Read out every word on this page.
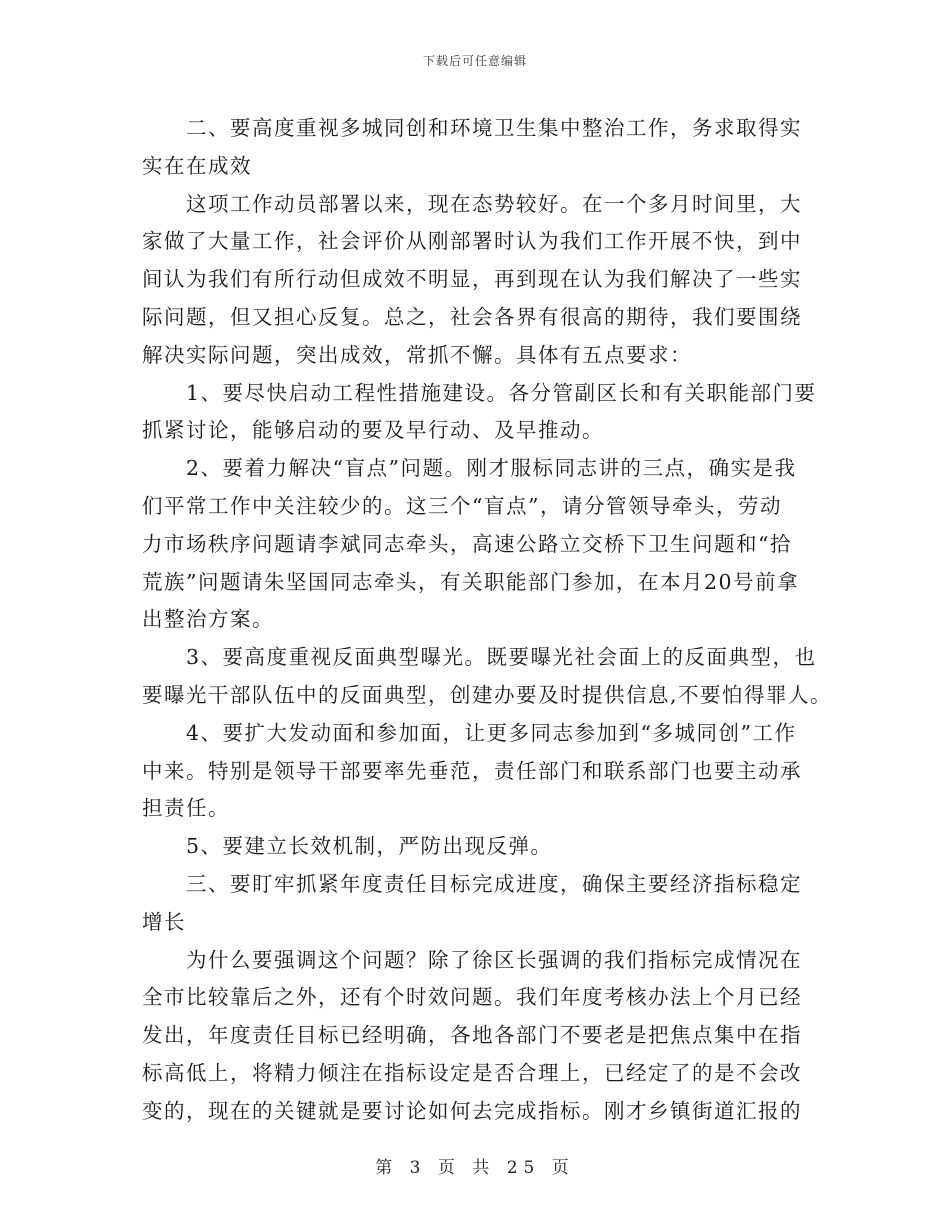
下载后可任意编辑

　　二、要高度重视多城同创和环境卫生集中整治工作，务求取得实
实在在成效

　　这项工作动员部署以来，现在态势较好。在一个多月时间里，大
家做了大量工作，社会评价从刚部署时认为我们工作开展不快，到中
间认为我们有所行动但成效不明显，再到现在认为我们解决了一些实
际问题，但又担心反复。总之，社会各界有很高的期待，我们要围绕
解决实际问题，突出成效，常抓不懈。具体有五点要求：

　　1、要尽快启动工程性措施建设。各分管副区长和有关职能部门要
抓紧讨论，能够启动的要及早行动、及早推动。

　　2、要着力解决“盲点”问题。刚才服标同志讲的三点，确实是我
们平常工作中关注较少的。这三个“盲点”，请分管领导牵头，劳动
力市场秩序问题请李斌同志牵头，高速公路立交桥下卫生问题和“拾
荒族”问题请朱坚国同志牵头，有关职能部门参加，在本月20号前拿
出整治方案。

　　3、要高度重视反面典型曝光。既要曝光社会面上的反面典型，也
要曝光干部队伍中的反面典型，创建办要及时提供信息,不要怕得罪人。

　　4、要扩大发动面和参加面，让更多同志参加到“多城同创”工作
中来。特别是领导干部要率先垂范，责任部门和联系部门也要主动承
担责任。

　　5、要建立长效机制，严防出现反弹。

　　三、要盯牢抓紧年度责任目标完成进度，确保主要经济指标稳定
增长

　　为什么要强调这个问题？除了徐区长强调的我们指标完成情况在
全市比较靠后之外，还有个时效问题。我们年度考核办法上个月已经
发出，年度责任目标已经明确，各地各部门不要老是把焦点集中在指
标高低上，将精力倾注在指标设定是否合理上，已经定了的是不会改
变的，现在的关键就是要讨论如何去完成指标。刚才乡镇街道汇报的

第 3 页 共 25 页
